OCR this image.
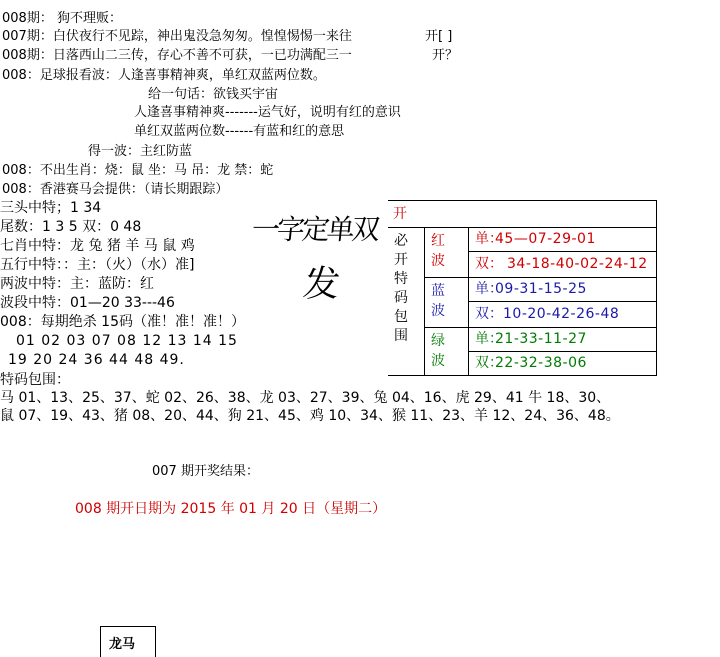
008期： 狗不理贩：
007期：白伏夜行不见踪，神出鬼没急匆匆。惶惶惕惕一来往	开[ ]
008期：日落西山二三传，存心不善不可获，一已功满配三一	开？
008：足球报看波：人逢喜事精神爽，单红双蓝两位数。
给一句话：欲钱买宇宙
人逢喜事精神爽-------运气好，说明有红的意识
单红双蓝两位数------有蓝和红的意思
得一波：主红防蓝
008：不出生肖：烧：鼠 坐：马 吊：龙 禁：蛇
008：香港赛马会提供：（请长期跟踪）
三头中特；1 34
尾数：1 3 5 双：0 48
七肖中特：龙 兔 猪 羊 马 鼠 鸡
五行中特：：主：（火）（水）准]
两波中特：主：蓝防：红
波段中特：01—20 33---46
008：每期绝杀 15码（准！准！准！）
01 02 03 07 08 12 13 14 15
19 20 24 36 44 48 49.
特码包围：
马 01、13、25、37、蛇 02、26、38、龙 03、27、39、兔 04、16、虎 29、41 牛 18、30、
鼠 07、19、43、猪 08、20、44、狗 21、45、鸡 10、34、猴 11、23、羊 12、24、36、48。
007 期开奖结果：
008 期开日期为 2015 年 01 月 20 日（星期二）
一字定单双
发
开
必开特码包围
红波
单：
45—07-29-01
双： 34-18-40-02-24-12
蓝波
单：
09-31-15-25
双： 10-20-42-26-48
绿波
单：
21-33-11-27
双：
22-32-38-06
龙马
